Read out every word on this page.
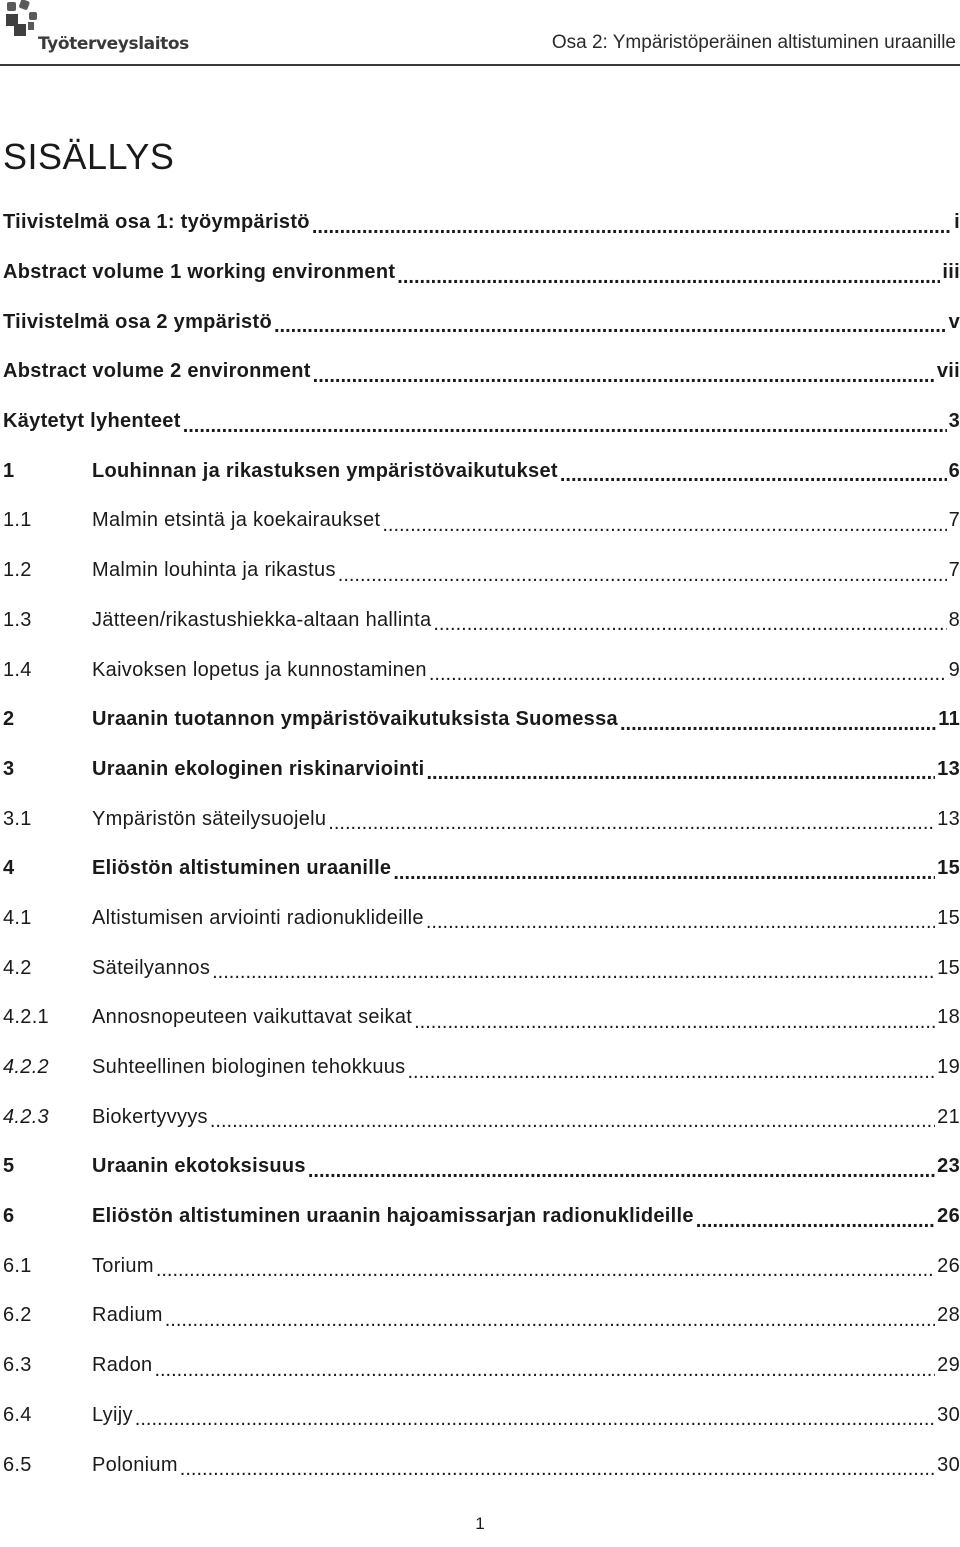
Työterveyslaitos	Osa 2: Ympäristöperäinen altistuminen uraanille
SISÄLLYS
Tiivistelmä osa 1: työympäristö .....	i
Abstract volume 1 working environment .....	iii
Tiivistelmä osa 2 ympäristö .....	v
Abstract volume 2 environment .....	vii
Käytetyt lyhenteet .....	3
1	Louhinnan ja rikastuksen ympäristövaikutukset .....	6
1.1	Malmin etsintä ja koekairaukset .....	7
1.2	Malmin louhinta ja rikastus .....	7
1.3	Jätteen/rikastushiekka-altaan hallinta .....	8
1.4	Kaivoksen lopetus ja kunnostaminen .....	9
2	Uraanin tuotannon ympäristövaikutuksista Suomessa .....	11
3	Uraanin ekologinen riskinarviointi .....	13
3.1	Ympäristön säteilysuojelu .....	13
4	Eliöstön altistuminen uraanille .....	15
4.1	Altistumisen arviointi radionuklideille .....	15
4.2	Säteilyannos .....	15
4.2.1	Annosnopeuteen vaikuttavat seikat .....	18
4.2.2	Suhteellinen biologinen tehokkuus .....	19
4.2.3	Biokertyvyys .....	21
5	Uraanin ekotoksisuus .....	23
6	Eliöstön altistuminen uraanin hajoamissarjan radionuklideille .....	26
6.1	Torium .....	26
6.2	Radium .....	28
6.3	Radon .....	29
6.4	Lyijy .....	30
6.5	Polonium .....	30
1
